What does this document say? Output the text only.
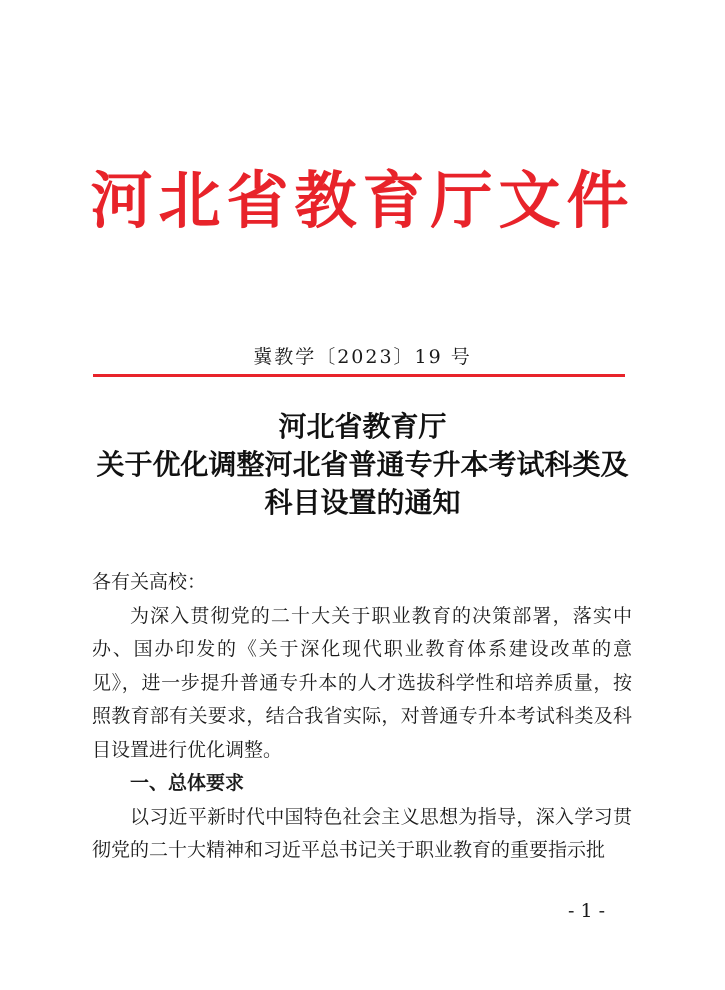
河北省教育厅文件
冀教学〔2023〕19 号
河北省教育厅
关于优化调整河北省普通专升本考试科类及
科目设置的通知

各有关高校：

为深入贯彻党的二十大关于职业教育的决策部署，落实中办、国办印发的《关于深化现代职业教育体系建设改革的意见》，进一步提升普通专升本的人才选拔科学性和培养质量，按照教育部有关要求，结合我省实际，对普通专升本考试科类及科目设置进行优化调整。

一、总体要求

以习近平新时代中国特色社会主义思想为指导，深入学习贯彻党的二十大精神和习近平总书记关于职业教育的重要指示批

- 1 -
